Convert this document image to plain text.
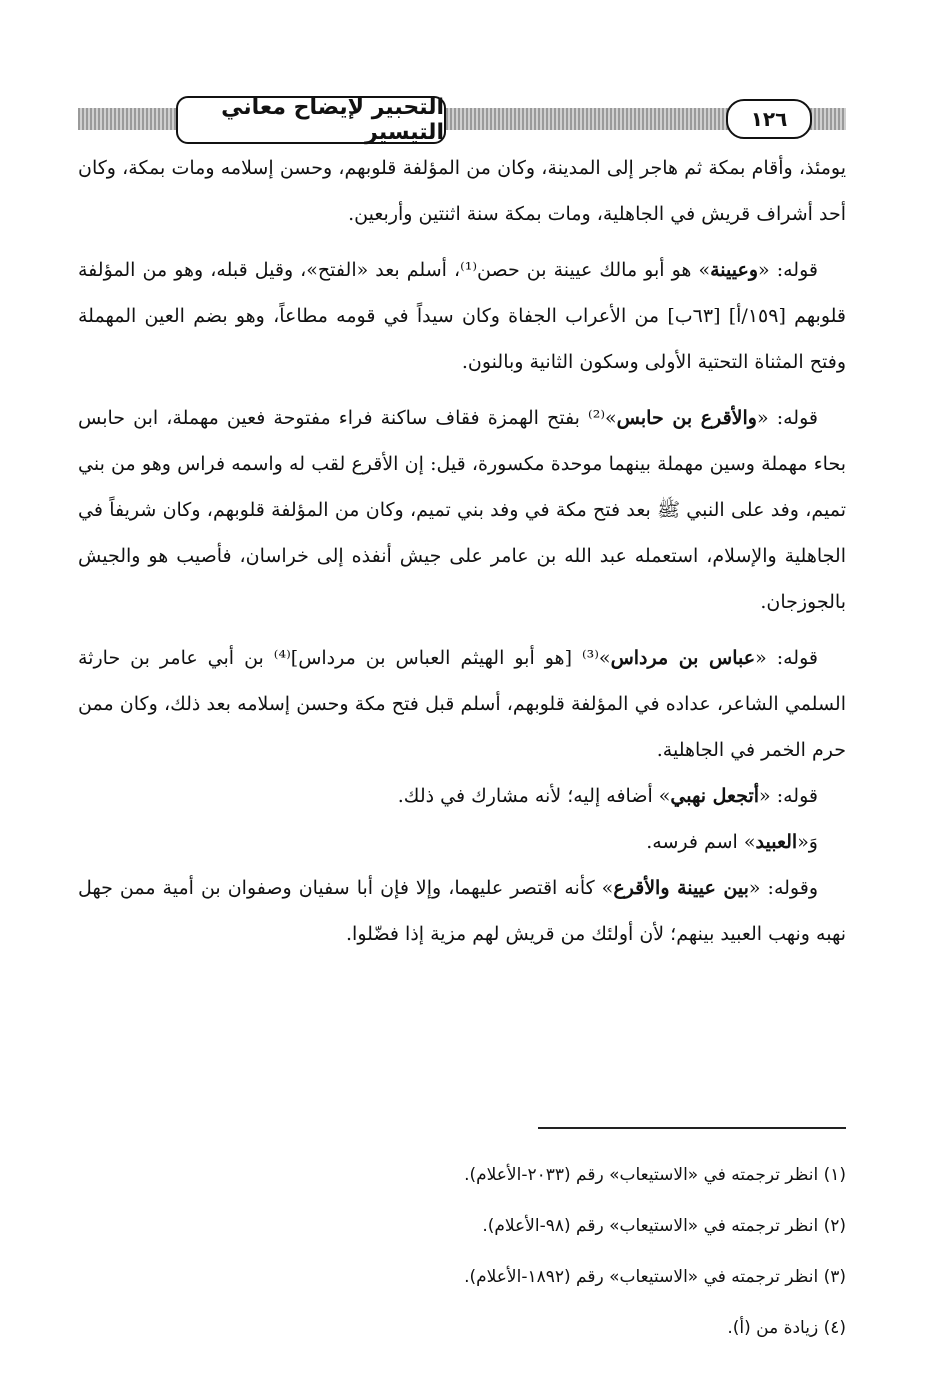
التحبير لإيضاح معاني التيسير
١٢٦

يومئذ، وأقام بمكة ثم هاجر إلى المدينة، وكان من المؤلفة قلوبهم، وحسن إسلامه ومات بمكة، وكان أحد أشراف قريش في الجاهلية، ومات بمكة سنة اثنتين وأربعين.

قوله: «وعيينة» هو أبو مالك عيينة بن حصن⁽¹⁾، أسلم بعد «الفتح»، وقيل قبله، وهو من المؤلفة قلوبهم [١٥٩/أ] [٦٣ب] من الأعراب الجفاة وكان سيداً في قومه مطاعاً، وهو بضم العين المهملة وفتح المثناة التحتية الأولى وسكون الثانية وبالنون.

قوله: «والأقرع بن حابس»⁽²⁾ بفتح الهمزة فقاف ساكنة فراء مفتوحة فعين مهملة، ابن حابس بحاء مهملة وسين مهملة بينهما موحدة مكسورة، قيل: إن الأقرع لقب له واسمه فراس وهو من بني تميم، وفد على النبي ﷺ بعد فتح مكة في وفد بني تميم، وكان من المؤلفة قلوبهم، وكان شريفاً في الجاهلية والإسلام، استعمله عبد الله بن عامر على جيش أنفذه إلى خراسان، فأصيب هو والجيش بالجوزجان.

قوله: «عباس بن مرداس»⁽³⁾ [هو أبو الهيثم العباس بن مرداس]⁽⁴⁾ بن أبي عامر بن حارثة السلمي الشاعر، عداده في المؤلفة قلوبهم، أسلم قبل فتح مكة وحسن إسلامه بعد ذلك، وكان ممن حرم الخمر في الجاهلية.

قوله: «أتجعل نهبي» أضافه إليه؛ لأنه مشارك في ذلك.

وَ«العبيد» اسم فرسه.

وقوله: «بين عيينة والأقرع» كأنه اقتصر عليهما، وإلا فإن أبا سفيان وصفوان بن أمية ممن جهل نهبه ونهب العبيد بينهم؛ لأن أولئك من قريش لهم مزية إذا فضّلوا.

(١) انظر ترجمته في «الاستيعاب» رقم (٢٠٣٣-الأعلام).
(٢) انظر ترجمته في «الاستيعاب» رقم (٩٨-الأعلام).
(٣) انظر ترجمته في «الاستيعاب» رقم (١٨٩٢-الأعلام).
(٤) زيادة من (أ).
